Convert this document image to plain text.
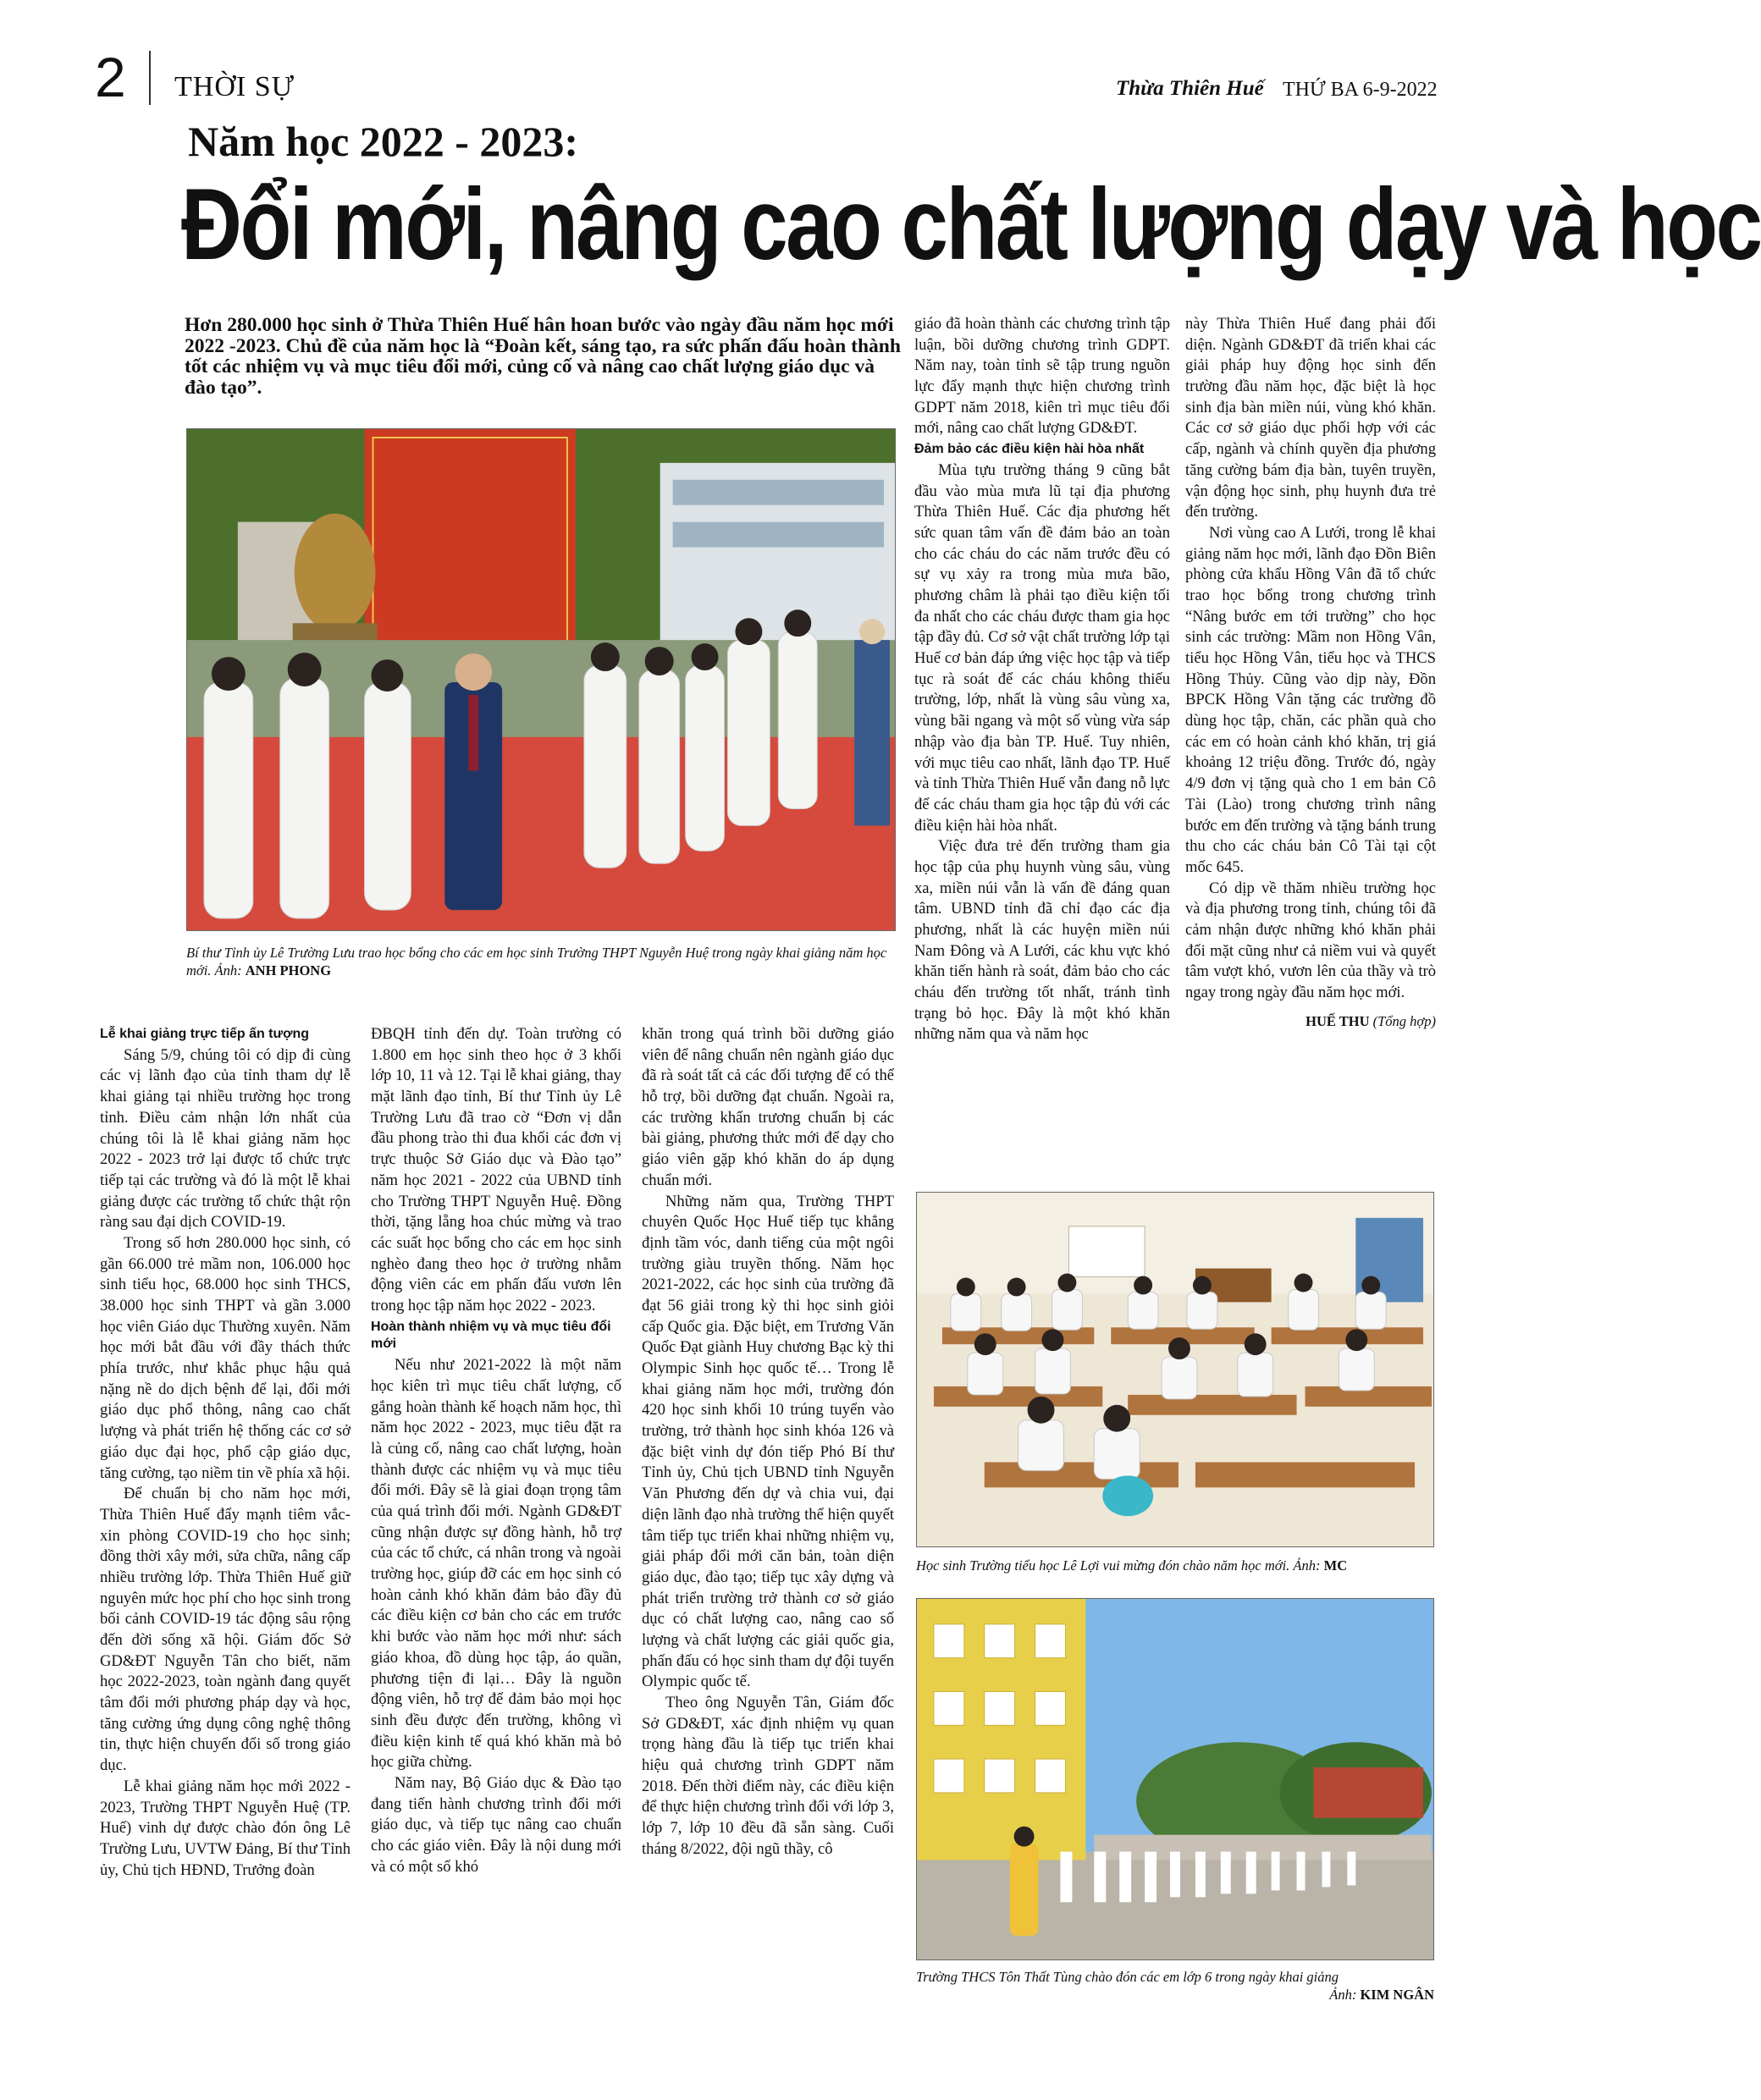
2 THỜI SỰ	Thừa Thiên Huế THỨ BA 6-9-2022
Năm học 2022 - 2023:
Đổi mới, nâng cao chất lượng dạy và học
Hơn 280.000 học sinh ở Thừa Thiên Huế hân hoan bước vào ngày đầu năm học mới 2022 -2023. Chủ đề của năm học là “Đoàn kết, sáng tạo, ra sức phấn đấu hoàn thành tốt các nhiệm vụ và mục tiêu đổi mới, củng cố và nâng cao chất lượng giáo dục và đào tạo”.
Bí thư Tỉnh ủy Lê Trường Lưu trao học bổng cho các em học sinh Trường THPT Nguyễn Huệ trong ngày khai giảng năm học mới. Ảnh: ANH PHONG

giáo đã hoàn thành các chương trình tập luận, bồi dưỡng chương trình GDPT. Năm nay, toàn tỉnh sẽ tập trung nguồn lực đẩy mạnh thực hiện chương trình GDPT năm 2018, kiên trì mục tiêu đổi mới, nâng cao chất lượng GD&ĐT.

Đảm bảo các điều kiện hài hòa nhất

Mùa tựu trường tháng 9 cũng bắt đầu vào mùa mưa lũ tại địa phương Thừa Thiên Huế. Các địa phương hết sức quan tâm vấn đề đảm bảo an toàn cho các cháu do các năm trước đều có sự vụ xảy ra trong mùa mưa bão, phương châm là phải tạo điều kiện tối đa nhất cho các cháu được tham gia học tập đầy đủ. Cơ sở vật chất trường lớp tại Huế cơ bản đáp ứng việc học tập và tiếp tục rà soát để các cháu không thiếu trường, lớp, nhất là vùng sâu vùng xa, vùng bãi ngang và một số vùng vừa sáp nhập vào địa bàn TP. Huế. Tuy nhiên, với mục tiêu cao nhất, lãnh đạo TP. Huế và tỉnh Thừa Thiên Huế vẫn đang nỗ lực để các cháu tham gia học tập đủ với các điều kiện hài hòa nhất.

Việc đưa trẻ đến trường tham gia học tập của phụ huynh vùng sâu, vùng xa, miền núi vẫn là vấn đề đáng quan tâm. UBND tỉnh đã chỉ đạo các địa phương, nhất là các huyện miền núi Nam Đông và A Lưới, các khu vực khó khăn tiến hành rà soát, đảm bảo cho các cháu đến trường tốt nhất, tránh tình trạng bỏ học. Đây là một khó khăn những năm qua và năm học

này Thừa Thiên Huế đang phải đối diện. Ngành GD&ĐT đã triển khai các giải pháp huy động học sinh đến trường đầu năm học, đặc biệt là học sinh địa bàn miền núi, vùng khó khăn. Các cơ sở giáo dục phối hợp với các cấp, ngành và chính quyền địa phương tăng cường bám địa bàn, tuyên truyền, vận động học sinh, phụ huynh đưa trẻ đến trường.

Nơi vùng cao A Lưới, trong lễ khai giảng năm học mới, lãnh đạo Đồn Biên phòng cửa khẩu Hồng Vân đã tổ chức trao học bổng trong chương trình “Nâng bước em tới trường” cho học sinh các trường: Mầm non Hồng Vân, tiểu học Hồng Vân, tiểu học và THCS Hồng Thủy. Cũng vào dịp này, Đồn BPCK Hồng Vân tặng các trường đồ dùng học tập, chăn, các phần quà cho các em có hoàn cảnh khó khăn, trị giá khoảng 12 triệu đồng. Trước đó, ngày 4/9 đơn vị tặng quà cho 1 em bản Cô Tài (Lào) trong chương trình nâng bước em đến trường và tặng bánh trung thu cho các cháu bản Cô Tài tại cột mốc 645.

Có dịp về thăm nhiều trường học và địa phương trong tỉnh, chúng tôi đã cảm nhận được những khó khăn phải đối mặt cũng như cả niềm vui và quyết tâm vượt khó, vươn lên của thầy và trò ngay trong ngày đầu năm học mới.

HUẾ THU (Tổng hợp)

Lễ khai giảng trực tiếp ấn tượng

Sáng 5/9, chúng tôi có dịp đi cùng các vị lãnh đạo của tỉnh tham dự lễ khai giảng tại nhiều trường học trong tỉnh. Điều cảm nhận lớn nhất của chúng tôi là lễ khai giảng năm học 2022 - 2023 trở lại được tổ chức trực tiếp tại các trường và đó là một lễ khai giảng được các trường tổ chức thật rộn ràng sau đại dịch COVID-19.

Trong số hơn 280.000 học sinh, có gần 66.000 trẻ mầm non, 106.000 học sinh tiểu học, 68.000 học sinh THCS, 38.000 học sinh THPT và gần 3.000 học viên Giáo dục Thường xuyên. Năm học mới bắt đầu với đầy thách thức phía trước, như khắc phục hậu quả nặng nề do dịch bệnh để lại, đổi mới giáo dục phổ thông, nâng cao chất lượng và phát triển hệ thống các cơ sở giáo dục đại học, phổ cập giáo dục, tăng cường, tạo niềm tin về phía xã hội.

Để chuẩn bị cho năm học mới, Thừa Thiên Huế đẩy mạnh tiêm vắc-xin phòng COVID-19 cho học sinh; đồng thời xây mới, sửa chữa, nâng cấp nhiều trường lớp. Thừa Thiên Huế giữ nguyên mức học phí cho học sinh trong bối cảnh COVID-19 tác động sâu rộng đến đời sống xã hội. Giám đốc Sở GD&ĐT Nguyễn Tân cho biết, năm học 2022-2023, toàn ngành đang quyết tâm đổi mới phương pháp dạy và học, tăng cường ứng dụng công nghệ thông tin, thực hiện chuyển đổi số trong giáo dục.

Lễ khai giảng năm học mới 2022 - 2023, Trường THPT Nguyễn Huệ (TP. Huế) vinh dự được chào đón ông Lê Trường Lưu, UVTW Đảng, Bí thư Tỉnh ủy, Chủ tịch HĐND, Trưởng đoàn

ĐBQH tỉnh đến dự. Toàn trường có 1.800 em học sinh theo học ở 3 khối lớp 10, 11 và 12. Tại lễ khai giảng, thay mặt lãnh đạo tỉnh, Bí thư Tỉnh ủy Lê Trường Lưu đã trao cờ “Đơn vị dẫn đầu phong trào thi đua khối các đơn vị trực thuộc Sở Giáo dục và Đào tạo” năm học 2021 - 2022 của UBND tỉnh cho Trường THPT Nguyễn Huệ. Đồng thời, tặng lẵng hoa chúc mừng và trao các suất học bổng cho các em học sinh nghèo đang theo học ở trường nhằm động viên các em phấn đấu vươn lên trong học tập năm học 2022 - 2023.

Hoàn thành nhiệm vụ và mục tiêu đổi mới

Nếu như 2021-2022 là một năm học kiên trì mục tiêu chất lượng, cố gắng hoàn thành kế hoạch năm học, thì năm học 2022 - 2023, mục tiêu đặt ra là củng cố, nâng cao chất lượng, hoàn thành được các nhiệm vụ và mục tiêu đổi mới. Đây sẽ là giai đoạn trọng tâm của quá trình đổi mới. Ngành GD&ĐT cũng nhận được sự đồng hành, hỗ trợ của các tổ chức, cá nhân trong và ngoài trường học, giúp đỡ các em học sinh có hoàn cảnh khó khăn đảm bảo đầy đủ các điều kiện cơ bản cho các em trước khi bước vào năm học mới như: sách giáo khoa, đồ dùng học tập, áo quần, phương tiện đi lại… Đây là nguồn động viên, hỗ trợ để đảm bảo mọi học sinh đều được đến trường, không vì điều kiện kinh tế quá khó khăn mà bỏ học giữa chừng.

Năm nay, Bộ Giáo dục & Đào tạo đang tiến hành chương trình đổi mới giáo dục, và tiếp tục nâng cao chuẩn cho các giáo viên. Đây là nội dung mới và có một số khó

khăn trong quá trình bồi dưỡng giáo viên để nâng chuẩn nên ngành giáo dục đã rà soát tất cả các đối tượng để có thể hỗ trợ, bồi dưỡng đạt chuẩn. Ngoài ra, các trường khẩn trương chuẩn bị các bài giảng, phương thức mới để dạy cho giáo viên gặp khó khăn do áp dụng chuẩn mới.

Những năm qua, Trường THPT chuyên Quốc Học Huế tiếp tục khẳng định tầm vóc, danh tiếng của một ngôi trường giàu truyền thống. Năm học 2021-2022, các học sinh của trường đã đạt 56 giải trong kỳ thi học sinh giỏi cấp Quốc gia. Đặc biệt, em Trương Văn Quốc Đạt giành Huy chương Bạc kỳ thi Olympic Sinh học quốc tế… Trong lễ khai giảng năm học mới, trường đón 420 học sinh khối 10 trúng tuyển vào trường, trở thành học sinh khóa 126 và đặc biệt vinh dự đón tiếp Phó Bí thư Tỉnh ủy, Chủ tịch UBND tỉnh Nguyễn Văn Phương đến dự và chia vui, đại diện lãnh đạo nhà trường thể hiện quyết tâm tiếp tục triển khai những nhiệm vụ, giải pháp đổi mới căn bản, toàn diện giáo dục, đào tạo; tiếp tục xây dựng và phát triển trường trở thành cơ sở giáo dục có chất lượng cao, nâng cao số lượng và chất lượng các giải quốc gia, phấn đấu có học sinh tham dự đội tuyển Olympic quốc tế.

Theo ông Nguyễn Tân, Giám đốc Sở GD&ĐT, xác định nhiệm vụ quan trọng hàng đầu là tiếp tục triển khai hiệu quả chương trình GDPT năm 2018. Đến thời điểm này, các điều kiện để thực hiện chương trình đổi với lớp 3, lớp 7, lớp 10 đều đã sẵn sàng. Cuối tháng 8/2022, đội ngũ thầy, cô

Học sinh Trường tiểu học Lê Lợi vui mừng đón chào năm học mới. Ảnh: MC
Trường THCS Tôn Thất Tùng chào đón các em lớp 6 trong ngày khai giảng

Ảnh: KIM NGÂN
